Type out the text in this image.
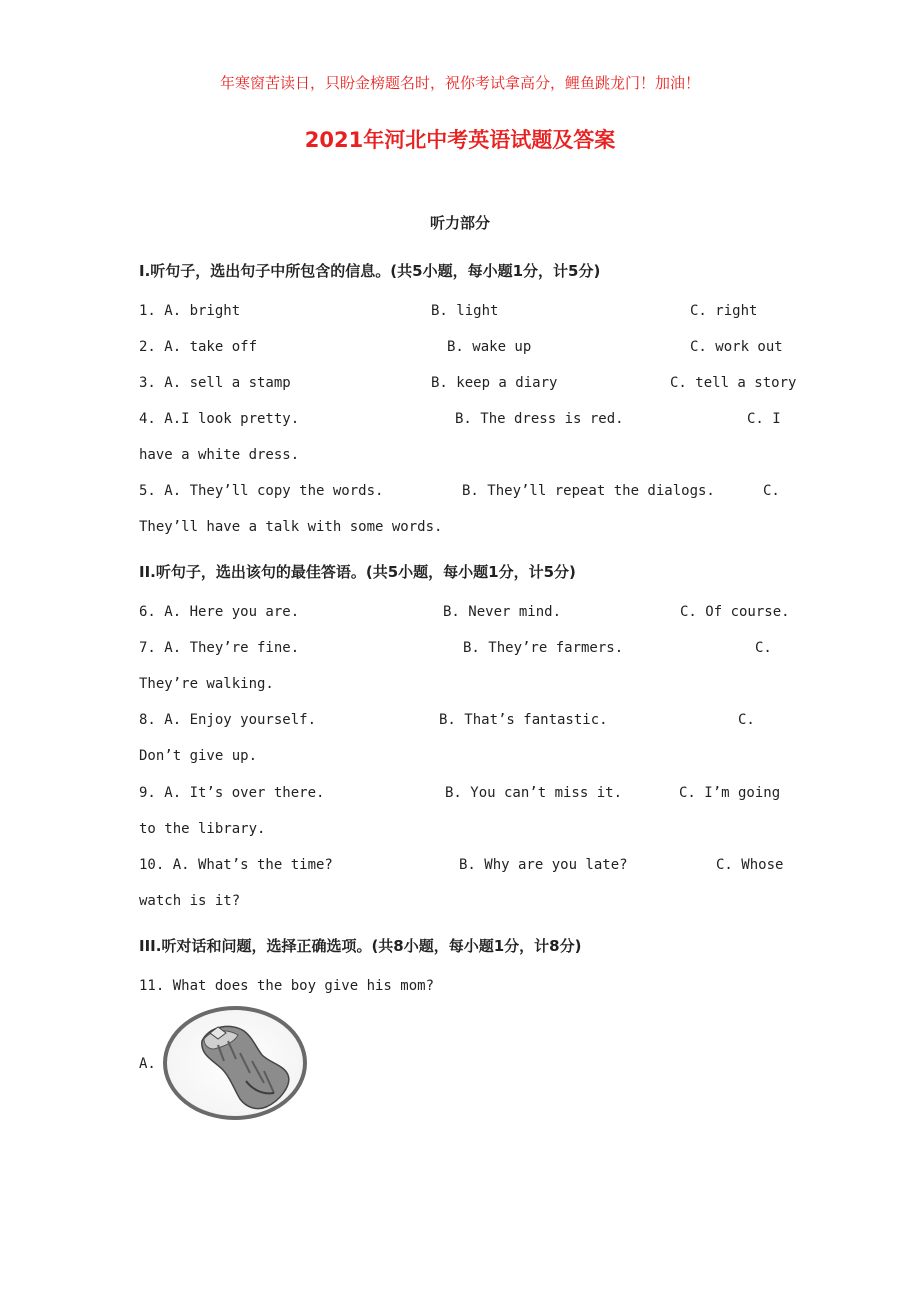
年寒窗苦读日，只盼金榜题名时，祝你考试拿高分，鲤鱼跳龙门！加油！
2021年河北中考英语试题及答案
听力部分
I.听句子，选出句子中所包含的信息。(共5小题，每小题1分，计5分)
1. A. bright	B. light	C. right
2. A. take off	B. wake up	C. work out
3. A. sell a stamp	B. keep a diary	C. tell a story
4. A.I look pretty.	B. The dress is red.	C. I
have a white dress.
5. A. They’ll copy the words.	B. They’ll repeat the dialogs.	C.
They’ll have a talk with some words.
II.听句子，选出该句的最佳答语。(共5小题，每小题1分，计5分)
6. A. Here you are.	B. Never mind.	C. Of course.
7. A. They’re fine.	B. They’re farmers.	C.
They’re walking.
8. A. Enjoy yourself.	B. That’s fantastic.	C.
Don’t give up.
9. A. It’s over there.	B. You can’t miss it.	C. I’m going
to the library.
10. A. What’s the time?	B. Why are you late?	C. Whose
watch is it?
III.听对话和问题，选择正确选项。(共8小题，每小题1分，计8分)
11. What does the boy give his mom?
A.
